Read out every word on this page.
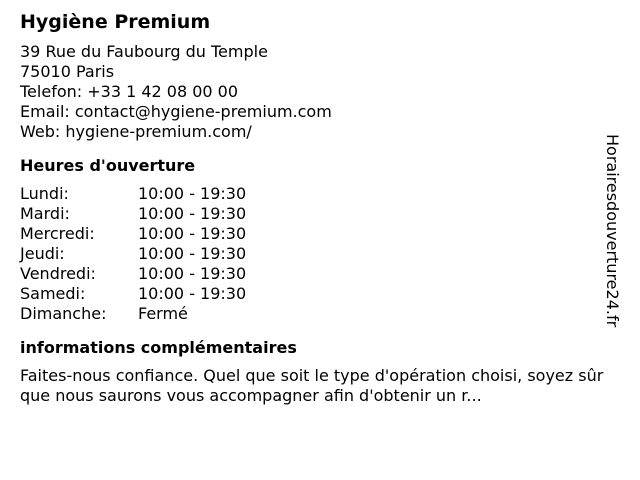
Hygiène Premium
39 Rue du Faubourg du Temple
75010 Paris
Telefon: +33 1 42 08 00 00
Email: contact@hygiene-premium.com
Web: hygiene-premium.com/
Heures d'ouverture
Lundi:	10:00 - 19:30
Mardi:	10:00 - 19:30
Mercredi:	10:00 - 19:30
Jeudi:	10:00 - 19:30
Vendredi:	10:00 - 19:30
Samedi:	10:00 - 19:30
Dimanche:	Fermé
informations complémentaires
Faites-nous confiance. Quel que soit le type d'opération choisi, soyez sûr que nous saurons vous accompagner afin d'obtenir un r...
Horairesdouverture24.fr
